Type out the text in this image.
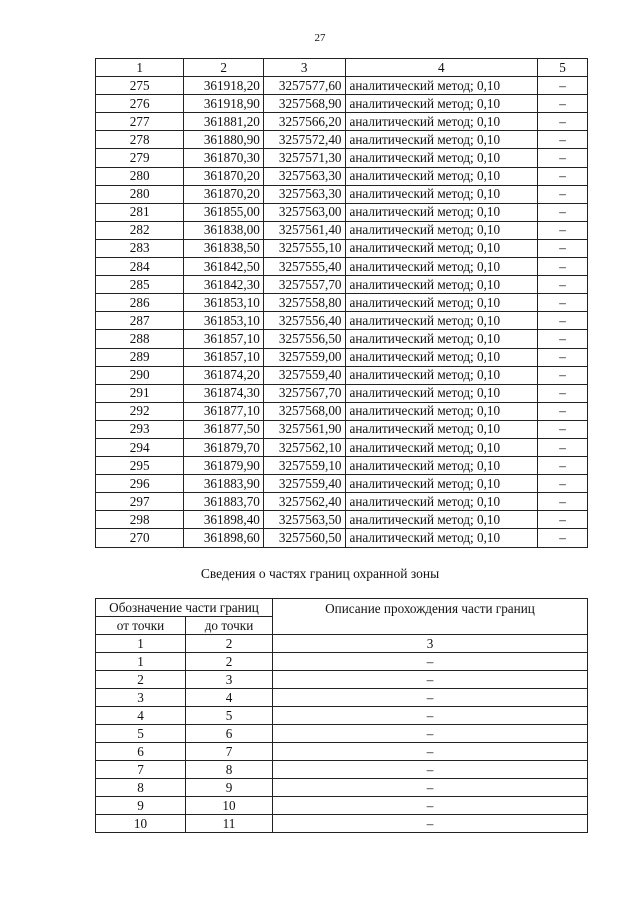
27
1	2	3	4	5
275	361918,20	3257577,60	аналитический метод; 0,10	–
276	361918,90	3257568,90	аналитический метод; 0,10	–
277	361881,20	3257566,20	аналитический метод; 0,10	–
278	361880,90	3257572,40	аналитический метод; 0,10	–
279	361870,30	3257571,30	аналитический метод; 0,10	–
280	361870,20	3257563,30	аналитический метод; 0,10	–
280	361870,20	3257563,30	аналитический метод; 0,10	–
281	361855,00	3257563,00	аналитический метод; 0,10	–
282	361838,00	3257561,40	аналитический метод; 0,10	–
283	361838,50	3257555,10	аналитический метод; 0,10	–
284	361842,50	3257555,40	аналитический метод; 0,10	–
285	361842,30	3257557,70	аналитический метод; 0,10	–
286	361853,10	3257558,80	аналитический метод; 0,10	–
287	361853,10	3257556,40	аналитический метод; 0,10	–
288	361857,10	3257556,50	аналитический метод; 0,10	–
289	361857,10	3257559,00	аналитический метод; 0,10	–
290	361874,20	3257559,40	аналитический метод; 0,10	–
291	361874,30	3257567,70	аналитический метод; 0,10	–
292	361877,10	3257568,00	аналитический метод; 0,10	–
293	361877,50	3257561,90	аналитический метод; 0,10	–
294	361879,70	3257562,10	аналитический метод; 0,10	–
295	361879,90	3257559,10	аналитический метод; 0,10	–
296	361883,90	3257559,40	аналитический метод; 0,10	–
297	361883,70	3257562,40	аналитический метод; 0,10	–
298	361898,40	3257563,50	аналитический метод; 0,10	–
270	361898,60	3257560,50	аналитический метод; 0,10	–
Сведения о частях границ охранной зоны
Обозначение части границ		Описание прохождения части границ
от точки	до точки	
1	2	3
1	2	–
2	3	–
3	4	–
4	5	–
5	6	–
6	7	–
7	8	–
8	9	–
9	10	–
10	11	–
